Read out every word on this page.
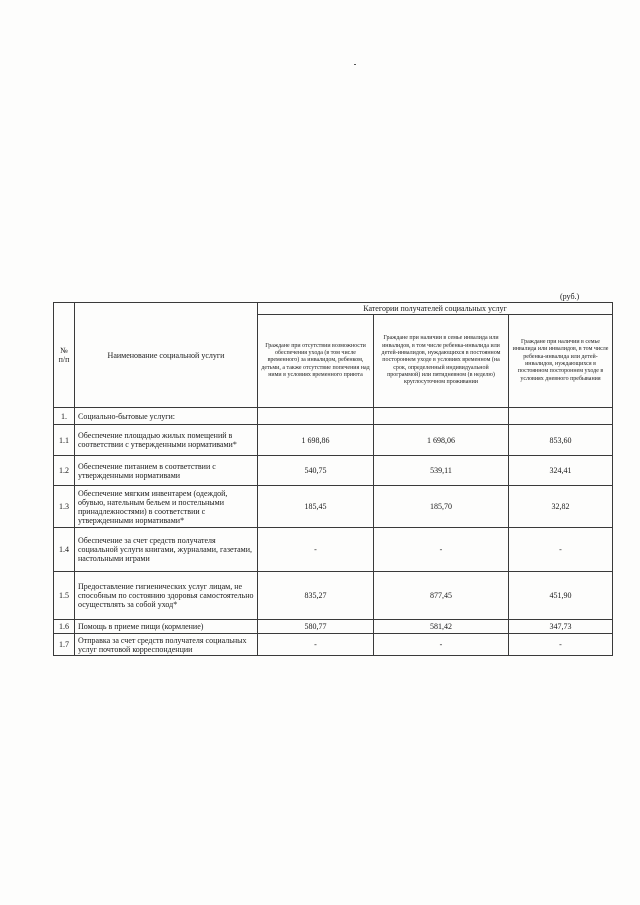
(руб.)
№ п/п	Наименование социальной услуги	Категории получателей социальных услуг		
		Граждане при отсутствии возможности обеспечения ухода (в том числе временного) за инвалидом, ребенком, детьми, а также отсутствие попечения над ними в условиях временного приюта	Граждане при наличии в семье инвалида или инвалидов, в том числе ребенка-инвалида или детей-инвалидов, нуждающихся в постоянном постороннем уходе в условиях временном (на срок, определенный индивидуальной программой) или пятидневном (в неделю) круглосуточном проживании	Граждане при наличии в семье инвалида или инвалидов, в том числе ребенка-инвалида или детей-инвалидов, нуждающихся в постоянном постороннем уходе в условиях дневного пребывания
1.	Социально-бытовые услуги:			
1.1	Обеспечение площадью жилых помещений в соответствии с утвержденными нормативами*	1 698,86	1 698,06	853,60
1.2	Обеспечение питанием в соответствии с утвержденными нормативами	540,75	539,11	324,41
1.3	Обеспечение мягким инвентарем (одеждой, обувью, нательным бельем и постельными принадлежностями) в соответствии с утвержденными нормативами*	185,45	185,70	32,82
1.4	Обеспечение за счет средств получателя социальной услуги книгами, журналами, газетами, настольными играми	-	-	-
1.5	Предоставление гигиенических услуг лицам, не способным по состоянию здоровья самостоятельно осуществлять за собой уход*	835,27	877,45	451,90
1.6	Помощь в приеме пищи (кормление)	580,77	581,42	347,73
1.7	Отправка за счет средств получателя социальных услуг почтовой корреспонденции	-	-	-
